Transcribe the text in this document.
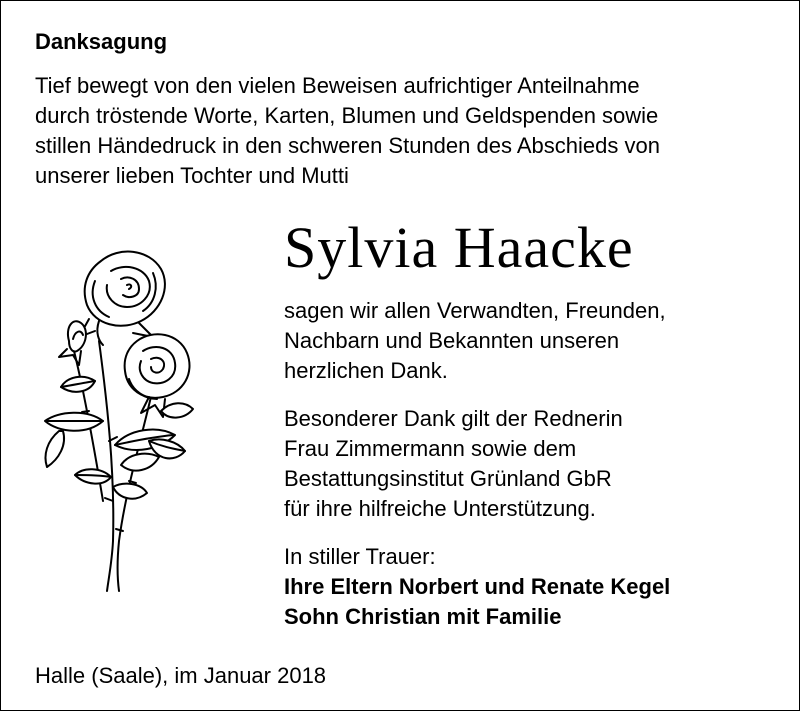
Danksagung
Tief bewegt von den vielen Beweisen aufrichtiger Anteilnahme
durch tröstende Worte, Karten, Blumen und Geldspenden sowie
stillen Händedruck in den schweren Stunden des Abschieds von
unserer lieben Tochter und Mutti
Sylvia Haacke
sagen wir allen Verwandten, Freunden,
Nachbarn und Bekannten unseren
herzlichen Dank.
Besonderer Dank gilt der Rednerin
Frau Zimmermann sowie dem
Bestattungsinstitut Grünland GbR
für ihre hilfreiche Unterstützung.
In stiller Trauer:
Ihre Eltern Norbert und Renate Kegel
Sohn Christian mit Familie
Halle (Saale), im Januar 2018
